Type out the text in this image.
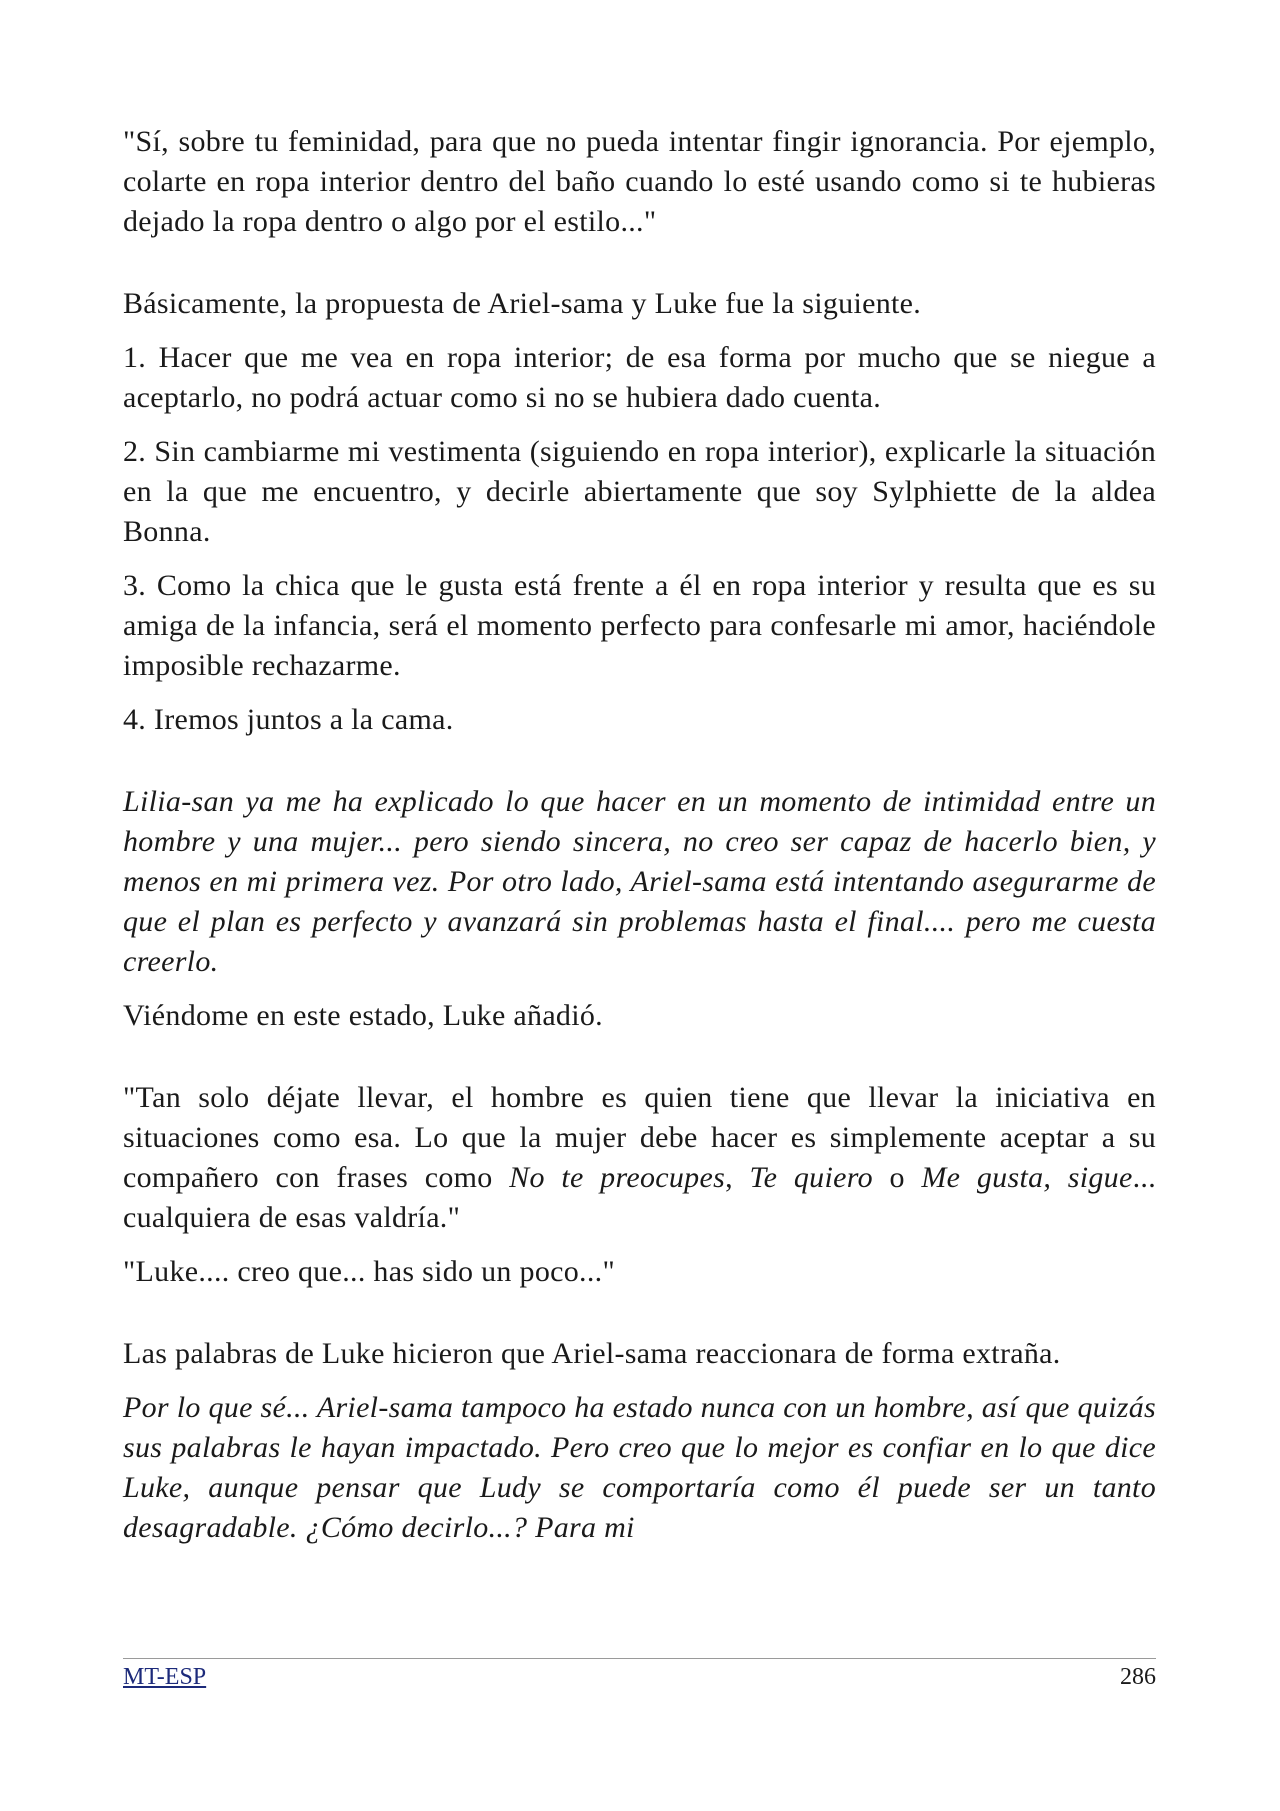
"Sí, sobre tu feminidad, para que no pueda intentar fingir ignorancia. Por ejemplo, colarte en ropa interior dentro del baño cuando lo esté usando como si te hubieras dejado la ropa dentro o algo por el estilo..."

Básicamente, la propuesta de Ariel-sama y Luke fue la siguiente.

1. Hacer que me vea en ropa interior; de esa forma por mucho que se niegue a aceptarlo, no podrá actuar como si no se hubiera dado cuenta.

2. Sin cambiarme mi vestimenta (siguiendo en ropa interior), explicarle la situación en la que me encuentro, y decirle abiertamente que soy Sylphiette de la aldea Bonna.

3. Como la chica que le gusta está frente a él en ropa interior y resulta que es su amiga de la infancia, será el momento perfecto para confesarle mi amor, haciéndole imposible rechazarme.

4. Iremos juntos a la cama.

Lilia-san ya me ha explicado lo que hacer en un momento de intimidad entre un hombre y una mujer... pero siendo sincera, no creo ser capaz de hacerlo bien, y menos en mi primera vez. Por otro lado, Ariel-sama está intentando asegurarme de que el plan es perfecto y avanzará sin problemas hasta el final.... pero me cuesta creerlo.

Viéndome en este estado, Luke añadió.

"Tan solo déjate llevar, el hombre es quien tiene que llevar la iniciativa en situaciones como esa. Lo que la mujer debe hacer es simplemente aceptar a su compañero con frases como No te preocupes, Te quiero o Me gusta, sigue... cualquiera de esas valdría."

"Luke.... creo que... has sido un poco..."

Las palabras de Luke hicieron que Ariel-sama reaccionara de forma extraña.

Por lo que sé... Ariel-sama tampoco ha estado nunca con un hombre, así que quizás sus palabras le hayan impactado. Pero creo que lo mejor es confiar en lo que dice Luke, aunque pensar que Ludy se comportaría como él puede ser un tanto desagradable. ¿Cómo decirlo...? Para mi

MT-ESP	286
